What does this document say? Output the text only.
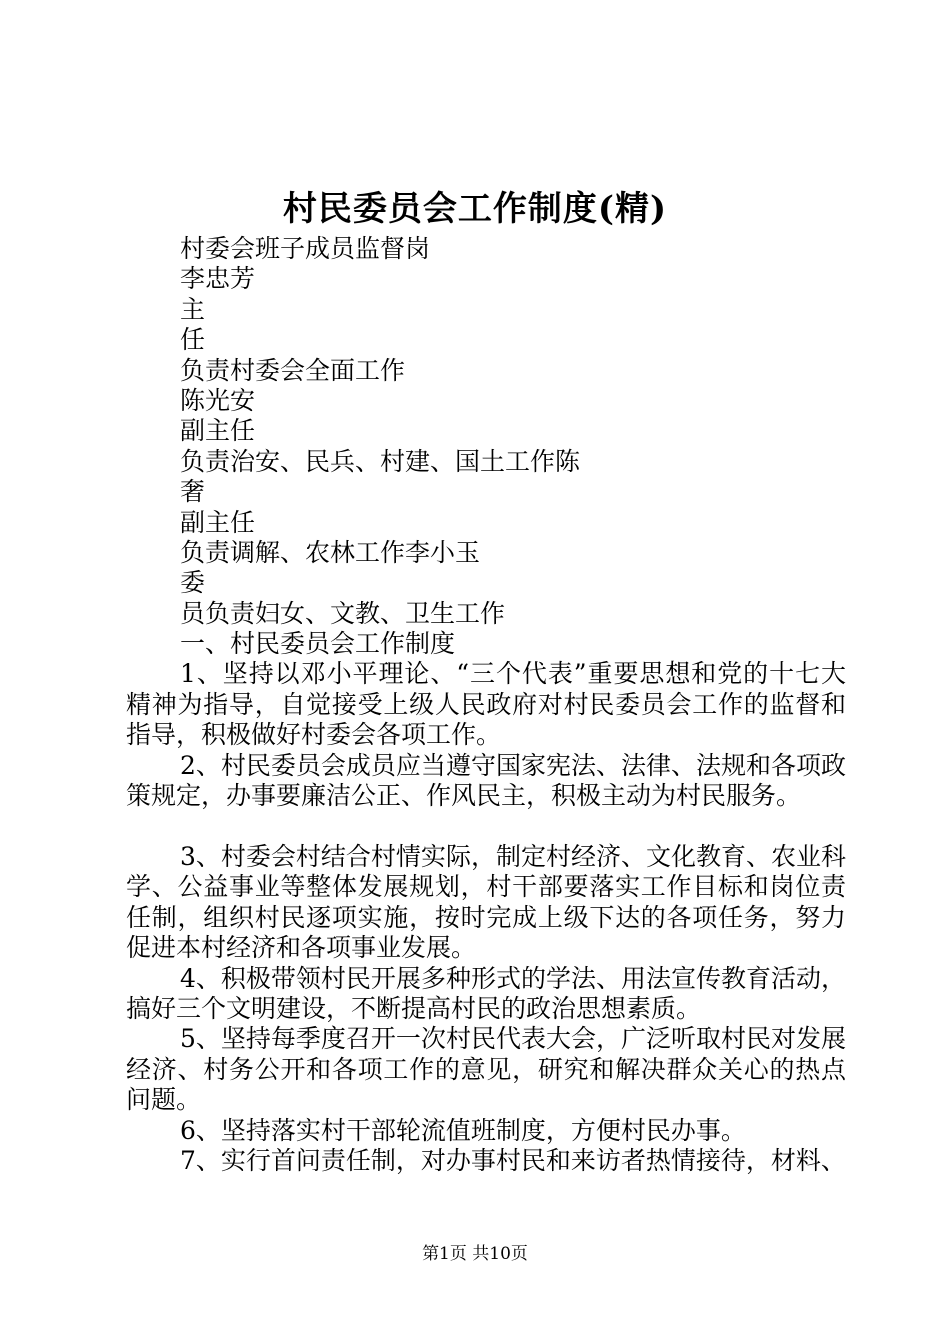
村民委员会工作制度(精)
村委会班子成员监督岗
李忠芳
主
任
负责村委会全面工作
陈光安
副主任
负责治安、民兵、村建、国土工作陈
奢
副主任
负责调解、农林工作李小玉
委
员负责妇女、文教、卫生工作
一、村民委员会工作制度
1、坚持以邓小平理论、“三个代表”重要思想和党的十七大精神为指导，自觉接受上级人民政府对村民委员会工作的监督和指导，积极做好村委会各项工作。
2、村民委员会成员应当遵守国家宪法、法律、法规和各项政策规定，办事要廉洁公正、作风民主，积极主动为村民服务。
3、村委会村结合村情实际，制定村经济、文化教育、农业科学、公益事业等整体发展规划，村干部要落实工作目标和岗位责任制，组织村民逐项实施，按时完成上级下达的各项任务，努力促进本村经济和各项事业发展。
4、积极带领村民开展多种形式的学法、用法宣传教育活动，搞好三个文明建设，不断提高村民的政治思想素质。
5、坚持每季度召开一次村民代表大会，广泛听取村民对发展经济、村务公开和各项工作的意见，研究和解决群众关心的热点问题。
6、坚持落实村干部轮流值班制度，方便村民办事。
7、实行首问责任制，对办事村民和来访者热情接待，材料、
第1页 共10页
